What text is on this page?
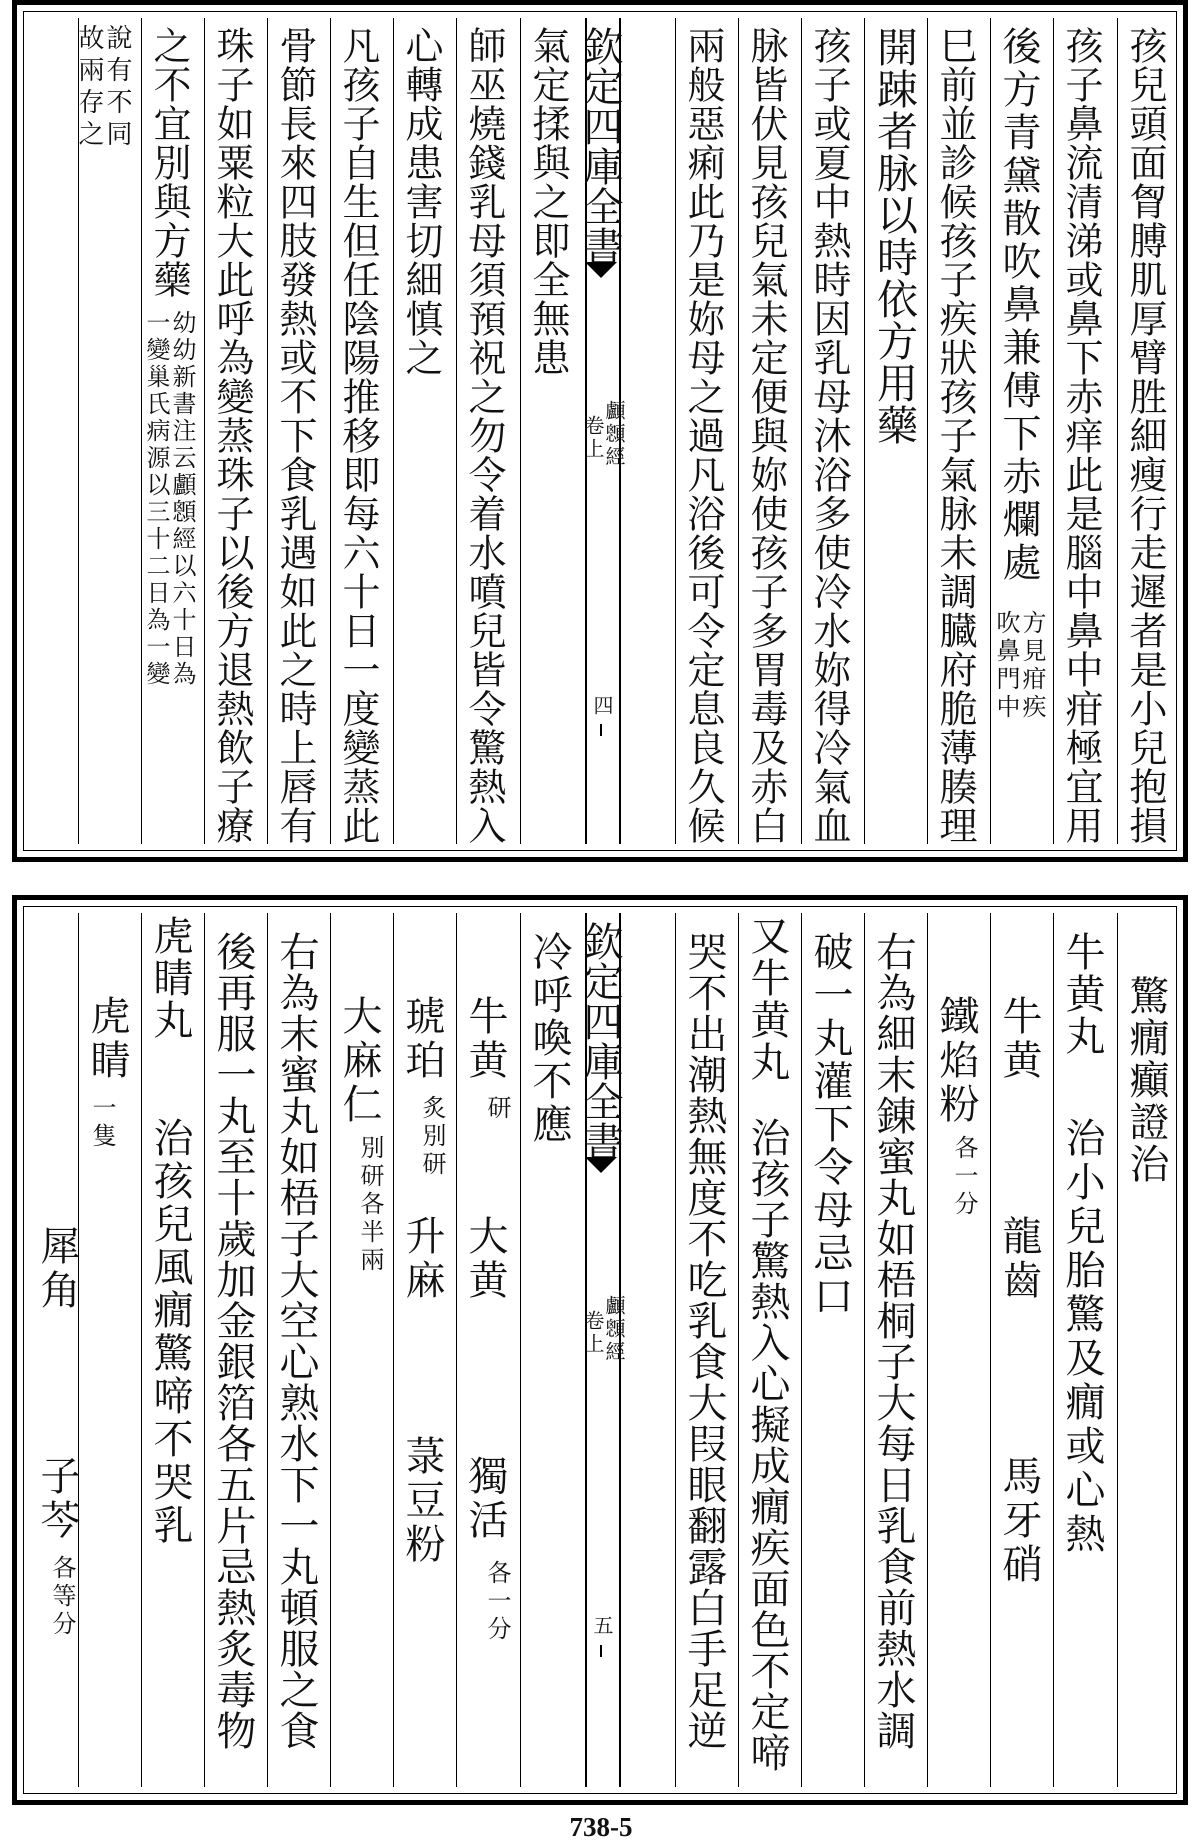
孩兒頭面胷膊肌厚臂胜細瘦行走遲者是小兒抱損
孩子鼻流清涕或鼻下赤痒此是腦中鼻中疳極宜用
後方青黛散吹鼻兼傅下赤爛處
方見疳疾
吹鼻門中
巳前並診候孩子疾狀孩子氣脉未調臓府脆薄腠理
開踈者脉以時依方用藥
孩子或夏中熱時因乳母沐浴多使冷水妳得冷氣血
脉皆伏見孩兒氣未定便與妳使孩子多胃毒及赤白
兩般惡痢此乃是妳母之過凡浴後可令定息良久候
欽定四庫全書
顱顖經
卷上
四
氣定揉與之即全無患
師巫燒錢乳母須預祝之勿令着水噴兒皆令驚熱入
心轉成患害切細慎之
凡孩子自生但任陰陽推移即每六十日一度變蒸此
骨節長來四肢發熱或不下食乳遇如此之時上唇有
珠子如粟粒大此呼為變蒸珠子以後方退熱飲子療
之不宜別與方藥
幼幼新書注云顱顖經以六十日為
一變巢氏病源以三十二日為一變
說有不同
故兩存之
驚癇癲證治
牛黄丸
治小兒胎驚及癇或心熱
牛黄
龍齒
馬牙硝
鐵焰粉
各一分
右為細末錬蜜丸如梧桐子大每日乳食前熱水調
破一丸灌下令母忌口
又牛黄丸
治孩子驚熱入心擬成癇疾面色不定啼
哭不出潮熱無度不吃乳食大叚眼翻露白手足逆
欽定四庫全書
顱顖經
卷上
五
冷呼喚不應
牛黄
研
大黄
獨活
各一分
琥珀
炙別研
升麻
菉豆粉
大麻仁
別研各半兩
右為末蜜丸如梧子大空心熟水下一丸頓服之食
後再服一丸至十歲加金銀箔各五片忌熱炙毒物
虎睛丸
治孩兒風癇驚啼不哭乳
虎睛
一隻
犀角
子芩
各等分
738-5
